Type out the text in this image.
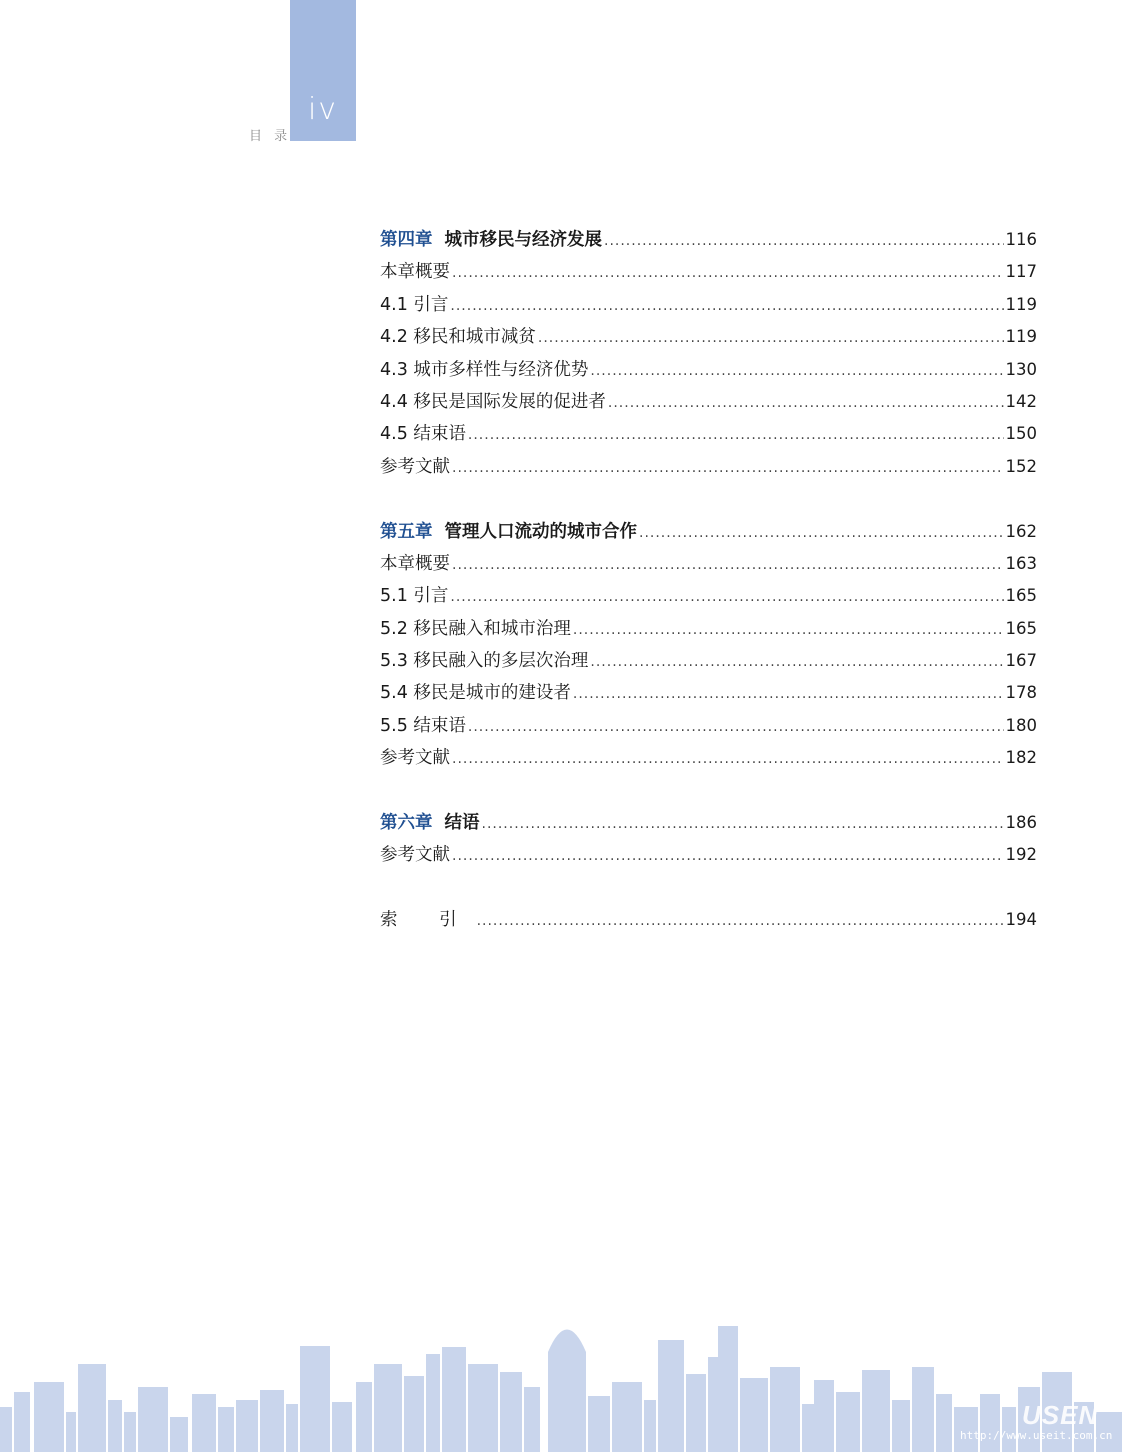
iv
目 录
第四章 城市移民与经济发展 .....	116
本章概要 .....	117
4.1 引言 .....	119
4.2 移民和城市减贫 .....	119
4.3 城市多样性与经济优势 .....	130
4.4 移民是国际发展的促进者 .....	142
4.5 结束语 .....	150
参考文献 .....	152
第五章 管理人口流动的城市合作 .....	162
本章概要 .....	163
5.1 引言 .....	165
5.2 移民融入和城市治理 .....	165
5.3 移民融入的多层次治理 .....	167
5.4 移民是城市的建设者 .....	178
5.5 结束语 .....	180
参考文献 .....	182
第六章 结语 .....	186
参考文献 .....	192
索 引 .....	194
USEN
http://www.useit.com.cn
